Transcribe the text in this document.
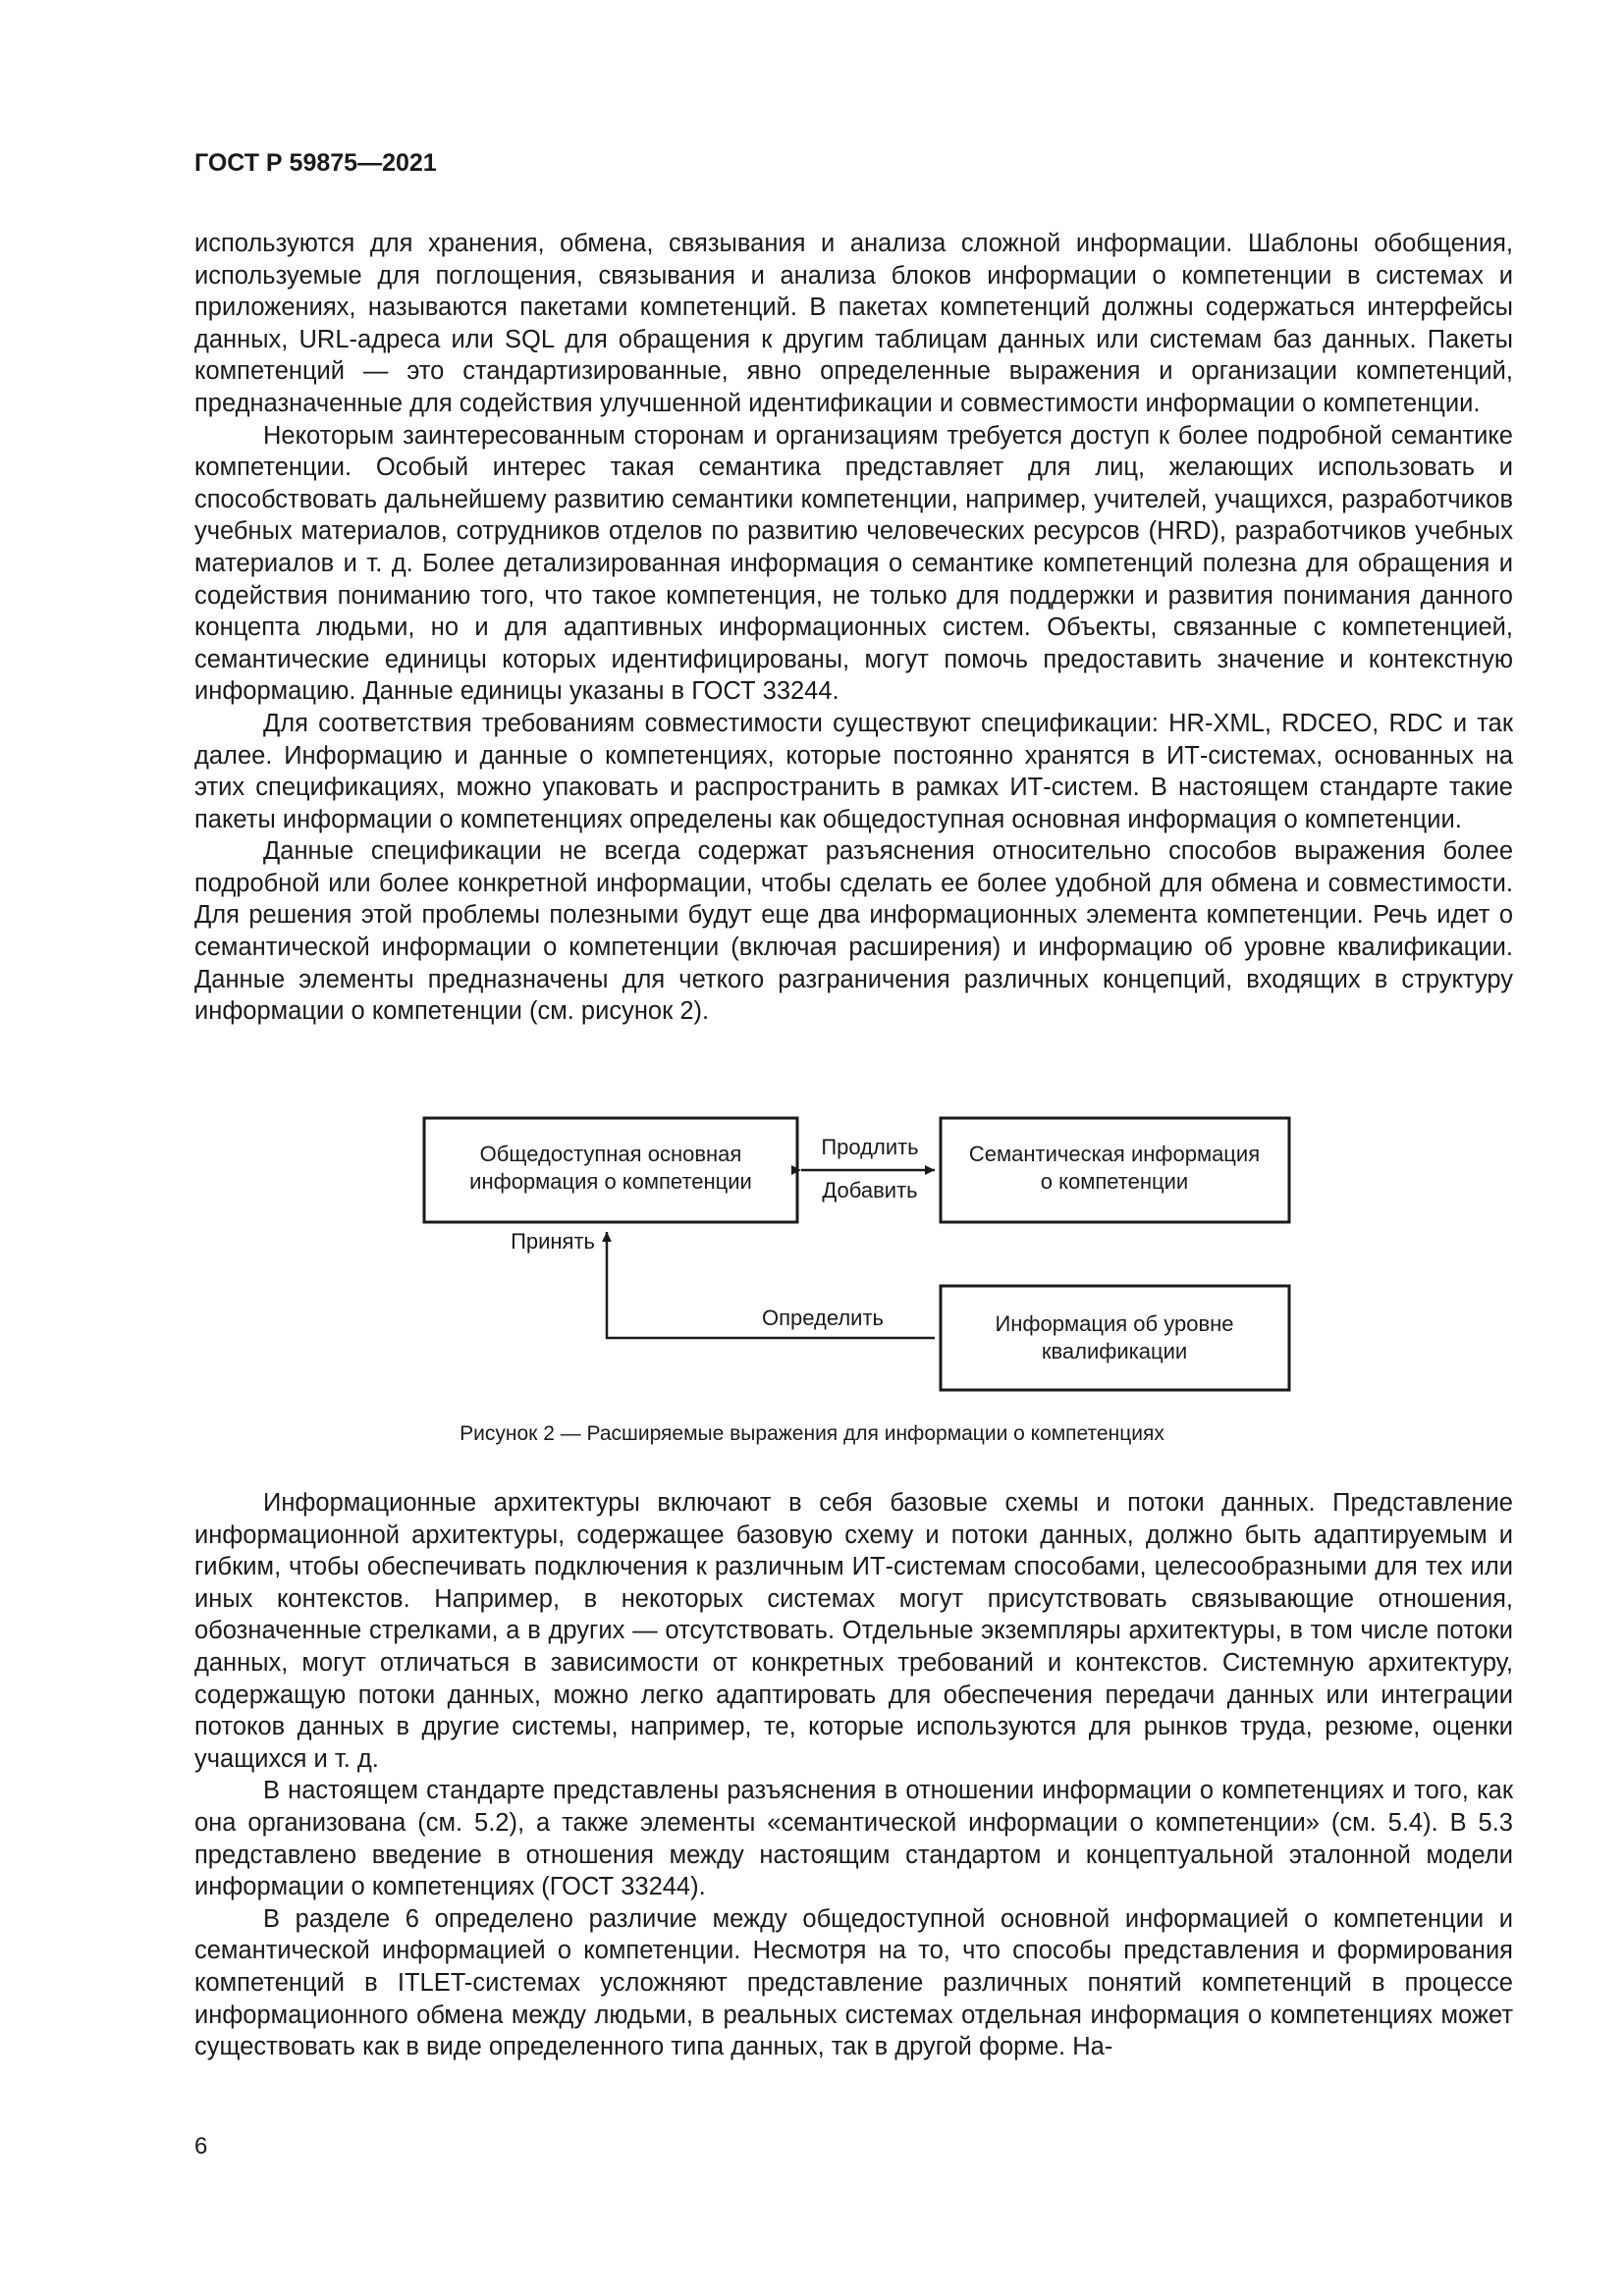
ГОСТ Р 59875—2021

используются для хранения, обмена, связывания и анализа сложной информации. Шаблоны обобщения, используемые для поглощения, связывания и анализа блоков информации о компетенции в системах и приложениях, называются пакетами компетенций. В пакетах компетенций должны содержаться интерфейсы данных, URL-адреса или SQL для обращения к другим таблицам данных или системам баз данных. Пакеты компетенций — это стандартизированные, явно определенные выражения и организации компетенций, предназначенные для содействия улучшенной идентификации и совместимости информации о компетенции.

Некоторым заинтересованным сторонам и организациям требуется доступ к более подробной семантике компетенции. Особый интерес такая семантика представляет для лиц, желающих использовать и способствовать дальнейшему развитию семантики компетенции, например, учителей, учащихся, разработчиков учебных материалов, сотрудников отделов по развитию человеческих ресурсов (HRD), разработчиков учебных материалов и т. д. Более детализированная информация о семантике компетенций полезна для обращения и содействия пониманию того, что такое компетенция, не только для поддержки и развития понимания данного концепта людьми, но и для адаптивных информационных систем. Объекты, связанные с компетенцией, семантические единицы которых идентифицированы, могут помочь предоставить значение и контекстную информацию. Данные единицы указаны в ГОСТ 33244.

Для соответствия требованиям совместимости существуют спецификации: HR-XML, RDCEO, RDC и так далее. Информацию и данные о компетенциях, которые постоянно хранятся в ИТ-системах, основанных на этих спецификациях, можно упаковать и распространить в рамках ИТ-систем. В настоящем стандарте такие пакеты информации о компетенциях определены как общедоступная основная информация о компетенции.

Данные спецификации не всегда содержат разъяснения относительно способов выражения более подробной или более конкретной информации, чтобы сделать ее более удобной для обмена и совместимости. Для решения этой проблемы полезными будут еще два информационных элемента компетенции. Речь идет о семантической информации о компетенции (включая расширения) и информацию об уровне квалификации. Данные элементы предназначены для четкого разграничения различных концепций, входящих в структуру информации о компетенции (см. рисунок 2).

Общедоступная основная
информация о компетенции
Семантическая информация
о компетенции
Информация об уровне
квалификации
Продлить
Добавить
Принять
Определить
Рисунок 2 — Расширяемые выражения для информации о компетенциях

Информационные архитектуры включают в себя базовые схемы и потоки данных. Представление информационной архитектуры, содержащее базовую схему и потоки данных, должно быть адаптируемым и гибким, чтобы обеспечивать подключения к различным ИТ-системам способами, целесообразными для тех или иных контекстов. Например, в некоторых системах могут присутствовать связывающие отношения, обозначенные стрелками, а в других — отсутствовать. Отдельные экземпляры архитектуры, в том числе потоки данных, могут отличаться в зависимости от конкретных требований и контекстов. Системную архитектуру, содержащую потоки данных, можно легко адаптировать для обеспечения передачи данных или интеграции потоков данных в другие системы, например, те, которые используются для рынков труда, резюме, оценки учащихся и т. д.

В настоящем стандарте представлены разъяснения в отношении информации о компетенциях и того, как она организована (см. 5.2), а также элементы «семантической информации о компетенции» (см. 5.4). В 5.3 представлено введение в отношения между настоящим стандартом и концептуальной эталонной модели информации о компетенциях (ГОСТ 33244).

В разделе 6 определено различие между общедоступной основной информацией о компетенции и семантической информацией о компетенции. Несмотря на то, что способы представления и формирования компетенций в ITLET-системах усложняют представление различных понятий компетенций в процессе информационного обмена между людьми, в реальных системах отдельная информация о компетенциях может существовать как в виде определенного типа данных, так в другой форме. На-

6
